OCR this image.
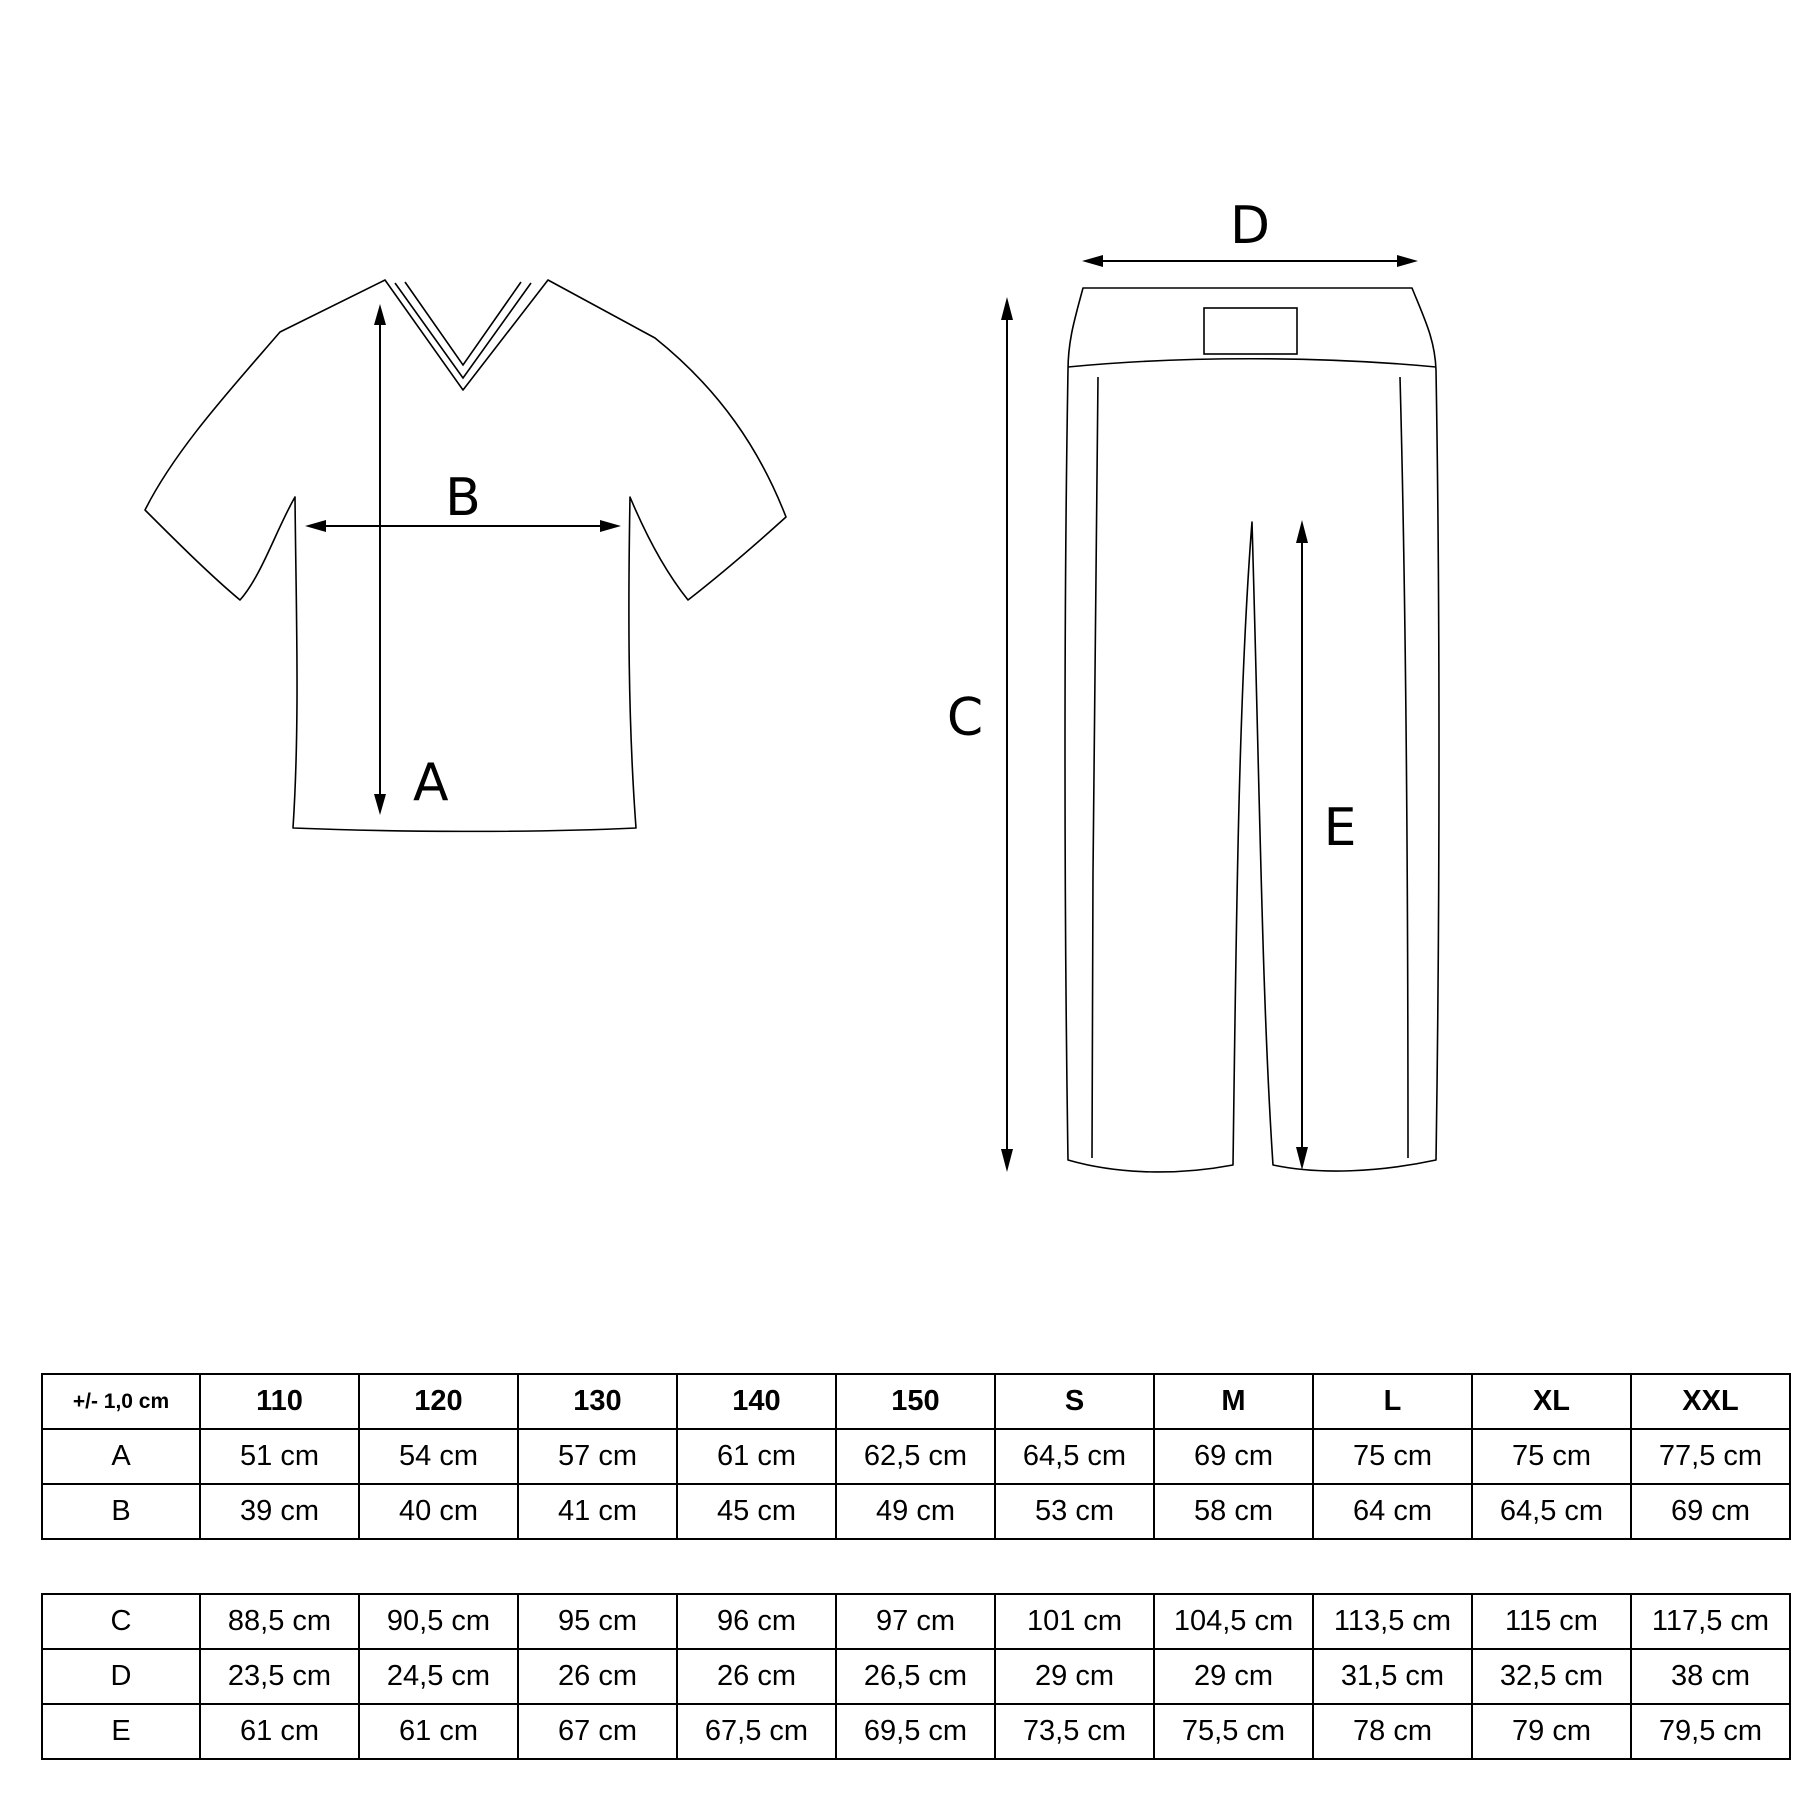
A
B
D
C
E
+/- 1,0 cm	110	120	130	140	150	S	M	L	XL	XXL
A	51 cm	54 cm	57 cm	61 cm	62,5 cm	64,5 cm	69 cm	75 cm	75 cm	77,5 cm
B	39 cm	40 cm	41 cm	45 cm	49 cm	53 cm	58 cm	64 cm	64,5 cm	69 cm
C	88,5 cm	90,5 cm	95 cm	96 cm	97 cm	101 cm	104,5 cm	113,5 cm	115 cm	117,5 cm
D	23,5 cm	24,5 cm	26 cm	26 cm	26,5 cm	29 cm	29 cm	31,5 cm	32,5 cm	38 cm
E	61 cm	61 cm	67 cm	67,5 cm	69,5 cm	73,5 cm	75,5 cm	78 cm	79 cm	79,5 cm
